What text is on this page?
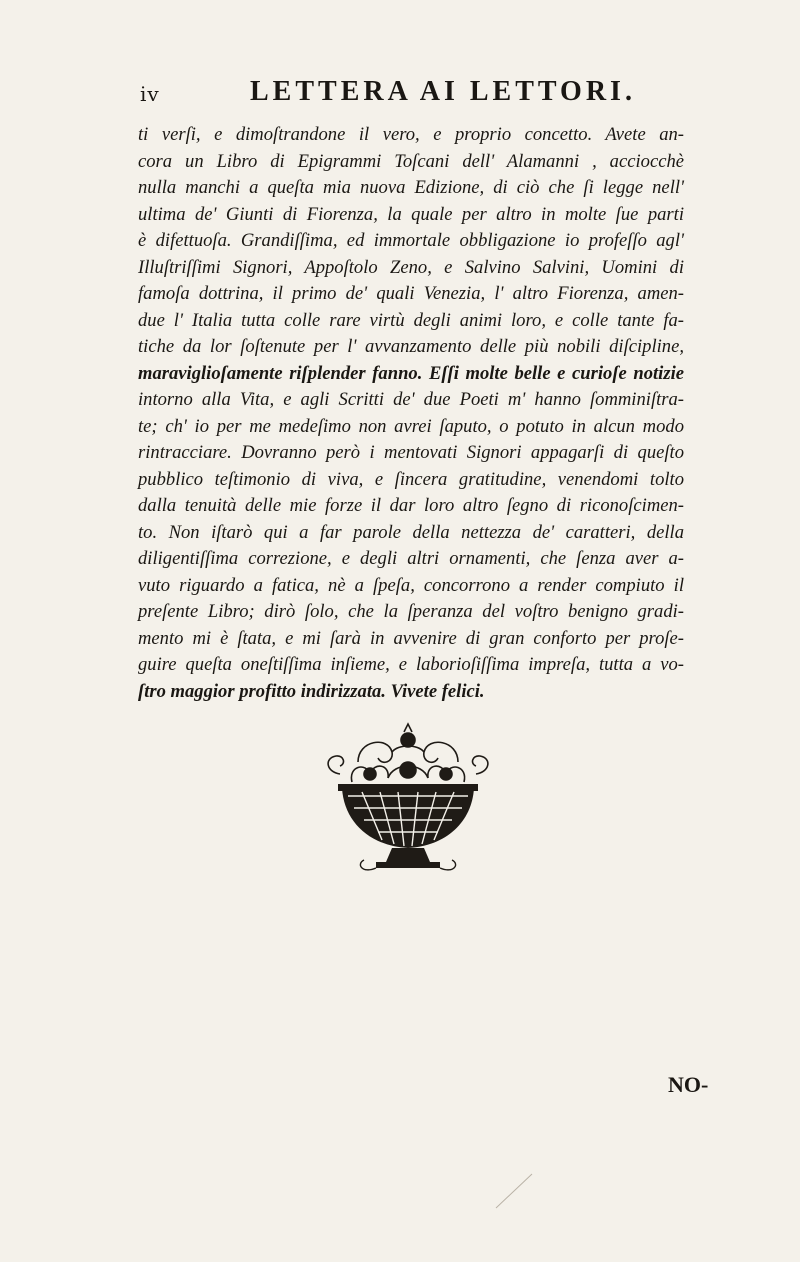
iv	LETTERA AI LETTORI.
ti verſi, e dimoſtrandone il vero, e proprio concetto. Avete an-
cora un Libro di Epigrammi Toſcani dell' Alamanni , acciocchè
nulla manchi a queſta mia nuova Edizione, di ciò che ſi legge nell'
ultima de' Giunti di Fiorenza, la quale per altro in molte ſue parti
è difettuoſa. Grandiſſima, ed immortale obbligazione io profeſſo agl'
Illuſtriſſimi Signori, Appoſtolo Zeno, e Salvino Salvini, Uomini di
famoſa dottrina, il primo de' quali Venezia, l' altro Fiorenza, amen-
due l' Italia tutta colle rare virtù degli animi loro, e colle tante fa-
tiche da lor ſoſtenute per l' avvanzamento delle più nobili diſcipline,
maraviglioſamente riſplender fanno. Eſſi molte belle e curioſe notizie
intorno alla Vita, e agli Scritti de' due Poeti m' hanno ſomminiſtra-
te; ch' io per me medeſimo non avrei ſaputo, o potuto in alcun modo
rintracciare. Dovranno però i mentovati Signori appagarſi di queſto
pubblico teſtimonio di viva, e ſincera gratitudine, venendomi tolto
dalla tenuità delle mie forze il dar loro altro ſegno di riconoſcimen-
to. Non iſtarò qui a far parole della nettezza de' caratteri, della
diligentiſſima correzione, e degli altri ornamenti, che ſenza aver a-
vuto riguardo a fatica, nè a ſpeſa, concorrono a render compiuto il
preſente Libro; dirò ſolo, che la ſperanza del voſtro benigno gradi-
mento mi è ſtata, e mi ſarà in avvenire di gran conforto per proſe-
guire queſta oneſtiſſima inſieme, e laborioſiſſima impreſa, tutta a vo-
ſtro maggior profitto indirizzata. Vivete felici.
NO-
